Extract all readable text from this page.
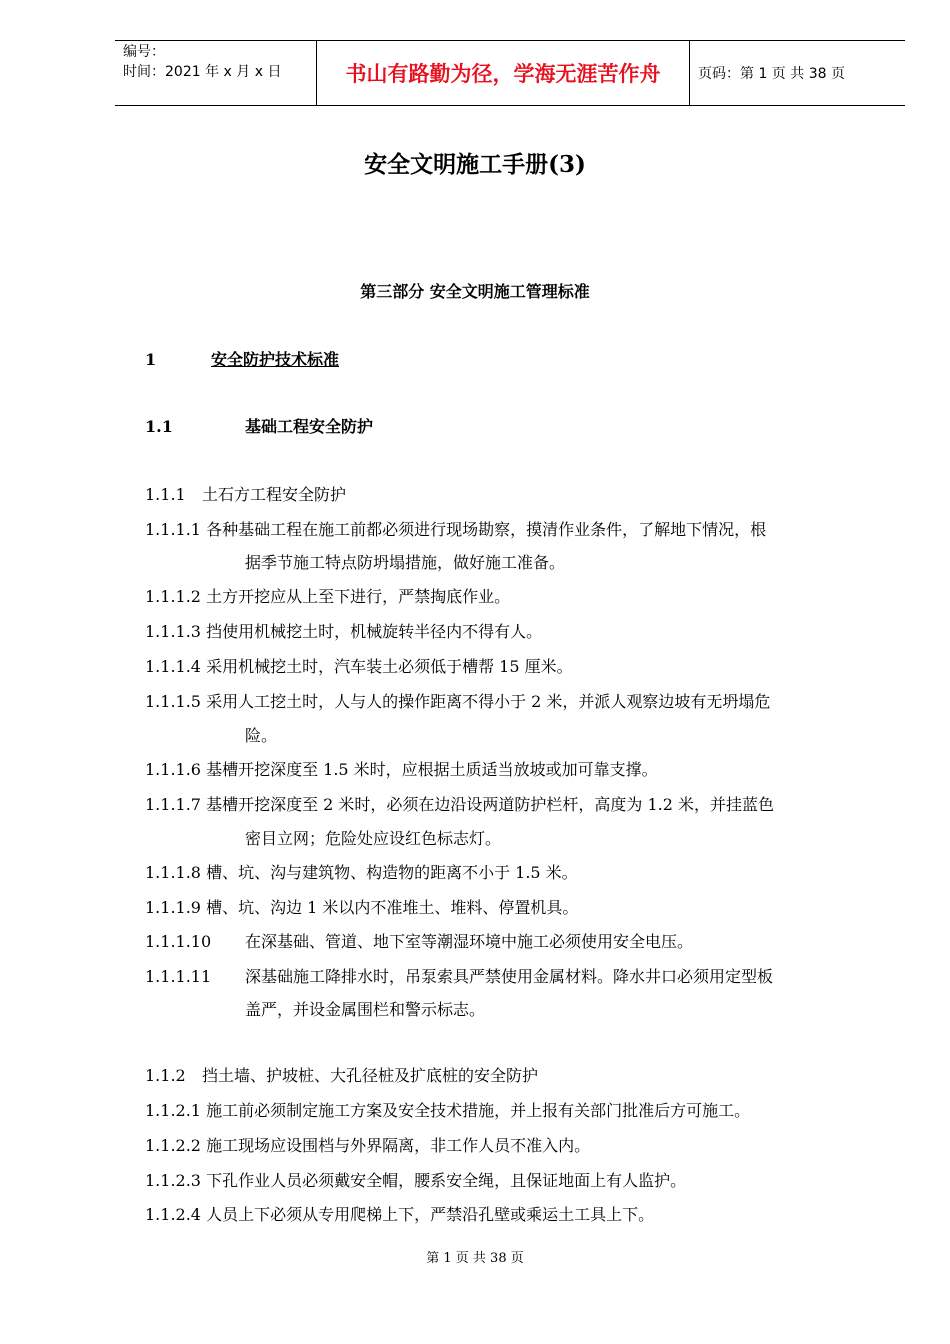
编号：
时间：2021 年 x 月 x 日	书山有路勤为径，学海无涯苦作舟	页码：第 1 页 共 38 页
安全文明施工手册(3)
第三部分 安全文明施工管理标准
1	安全防护技术标准
1.1	基础工程安全防护
1.1.1 土石方工程安全防护
1.1.1.1 各种基础工程在施工前都必须进行现场勘察，摸清作业条件，了解地下情况，根
据季节施工特点防坍塌措施，做好施工准备。
1.1.1.2 土方开挖应从上至下进行，严禁掏底作业。
1.1.1.3 挡使用机械挖土时，机械旋转半径内不得有人。
1.1.1.4 采用机械挖土时，汽车装土必须低于槽帮 15 厘米。
1.1.1.5 采用人工挖土时，人与人的操作距离不得小于 2 米，并派人观察边坡有无坍塌危
险。
1.1.1.6 基槽开挖深度至 1.5 米时，应根据土质适当放坡或加可靠支撑。
1.1.1.7 基槽开挖深度至 2 米时，必须在边沿设两道防护栏杆，高度为 1.2 米，并挂蓝色
密目立网；危险处应设红色标志灯。
1.1.1.8 槽、坑、沟与建筑物、构造物的距离不小于 1.5 米。
1.1.1.9 槽、坑、沟边 1 米以内不准堆土、堆料、停置机具。
1.1.1.10 在深基础、管道、地下室等潮湿环境中施工必须使用安全电压。
1.1.1.11 深基础施工降排水时，吊泵索具严禁使用金属材料。降水井口必须用定型板
盖严，并设金属围栏和警示标志。
1.1.2 挡土墙、护坡桩、大孔径桩及扩底桩的安全防护
1.1.2.1 施工前必须制定施工方案及安全技术措施，并上报有关部门批准后方可施工。
1.1.2.2 施工现场应设围档与外界隔离，非工作人员不准入内。
1.1.2.3 下孔作业人员必须戴安全帽，腰系安全绳，且保证地面上有人监护。
1.1.2.4 人员上下必须从专用爬梯上下，严禁沿孔壁或乘运土工具上下。
第 1 页 共 38 页
